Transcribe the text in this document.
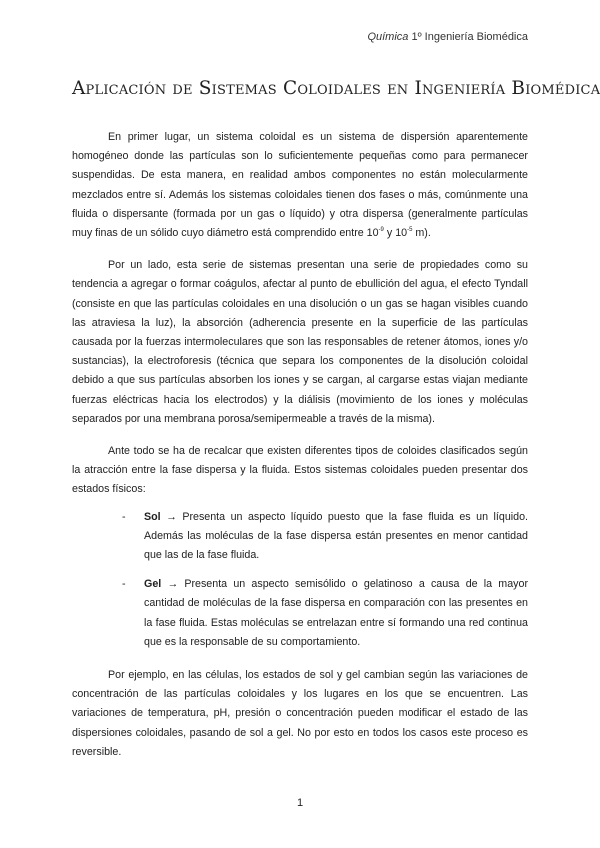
Química 1º Ingeniería Biomédica
Aplicación de Sistemas Coloidales en Ingeniería Biomédica

En primer lugar, un sistema coloidal es un sistema de dispersión aparentemente homogéneo donde las partículas son lo suficientemente pequeñas como para permanecer suspendidas. De esta manera, en realidad ambos componentes no están molecularmente mezclados entre sí. Además los sistemas coloidales tienen dos fases o más, comúnmente una fluida o dispersante (formada por un gas o líquido) y otra dispersa (generalmente partículas muy finas de un sólido cuyo diámetro está comprendido entre $10^{-9}$ y $10^{-5}$ m).

Por un lado, esta serie de sistemas presentan una serie de propiedades como su tendencia a agregar o formar coágulos, afectar al punto de ebullición del agua, el efecto Tyndall (consiste en que las partículas coloidales en una disolución o un gas se hagan visibles cuando las atraviesa la luz), la absorción (adherencia presente en la superficie de las partículas causada por la fuerzas intermoleculares que son las responsables de retener átomos, iones y/o sustancias), la electroforesis (técnica que separa los componentes de la disolución coloidal debido a que sus partículas absorben los iones y se cargan, al cargarse estas viajan mediante fuerzas eléctricas hacia los electrodos) y la diálisis (movimiento de los iones y moléculas separados por una membrana porosa/semipermeable a través de la misma).

Ante todo se ha de recalcar que existen diferentes tipos de coloides clasificados según la atracción entre la fase dispersa y la fluida. Estos sistemas coloidales pueden presentar dos estados físicos:

- Sol → Presenta un aspecto líquido puesto que la fase fluida es un líquido. Además las moléculas de la fase dispersa están presentes en menor cantidad que las de la fase fluida.
- Gel → Presenta un aspecto semisólido o gelatinoso a causa de la mayor cantidad de moléculas de la fase dispersa en comparación con las presentes en la fase fluida. Estas moléculas se entrelazan entre sí formando una red continua que es la responsable de su comportamiento.

Por ejemplo, en las células, los estados de sol y gel cambian según las variaciones de concentración de las partículas coloidales y los lugares en los que se encuentren. Las variaciones de temperatura, pH, presión o concentración pueden modificar el estado de las dispersiones coloidales, pasando de sol a gel. No por esto en todos los casos este proceso es reversible.

1
